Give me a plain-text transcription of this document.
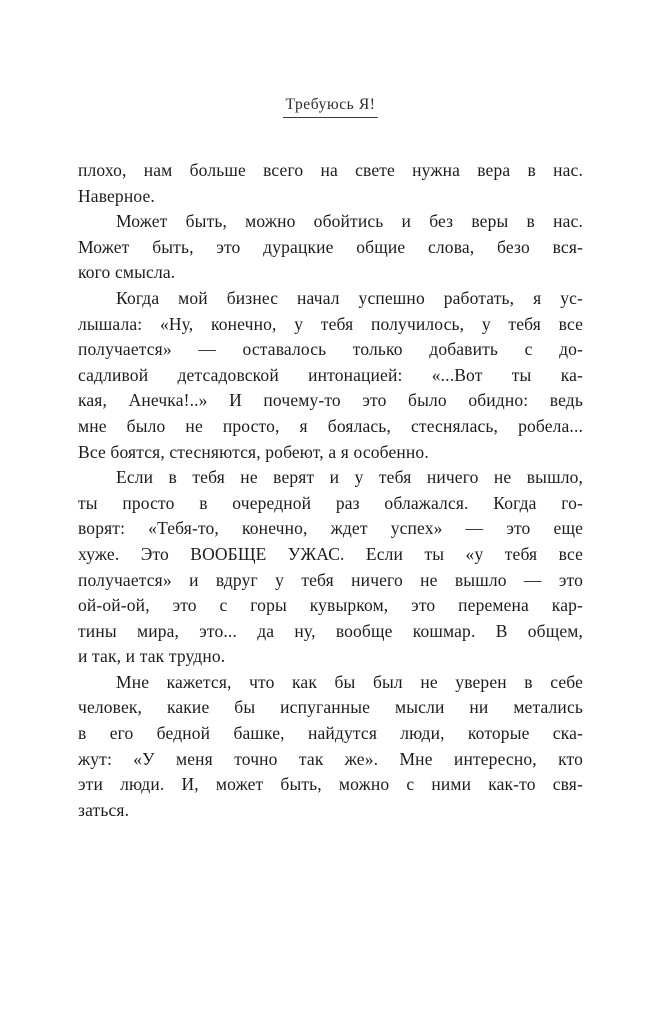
Требуюсь Я!
плохо, нам больше всего на свете нужна вера в нас.
Наверное.
Может быть, можно обойтись и без веры в нас.
Может быть, это дурацкие общие слова, безо вся-
кого смысла.
Когда мой бизнес начал успешно работать, я ус-
лышала: «Ну, конечно, у тебя получилось, у тебя все
получается» — оставалось только добавить с до-
садливой детсадовской интонацией: «...Вот ты ка-
кая, Анечка!..» И почему-то это было обидно: ведь
мне было не просто, я боялась, стеснялась, робела...
Все боятся, стесняются, робеют, а я особенно.
Если в тебя не верят и у тебя ничего не вышло,
ты просто в очередной раз облажался. Когда го-
ворят: «Тебя-то, конечно, ждет успех» — это еще
хуже. Это ВООБЩЕ УЖАС. Если ты «у тебя все
получается» и вдруг у тебя ничего не вышло — это
ой-ой-ой, это с горы кувырком, это перемена кар-
тины мира, это... да ну, вообще кошмар. В общем,
и так, и так трудно.
Мне кажется, что как бы был не уверен в себе
человек, какие бы испуганные мысли ни метались
в его бедной башке, найдутся люди, которые ска-
жут: «У меня точно так же». Мне интересно, кто
эти люди. И, может быть, можно с ними как-то свя-
заться.
